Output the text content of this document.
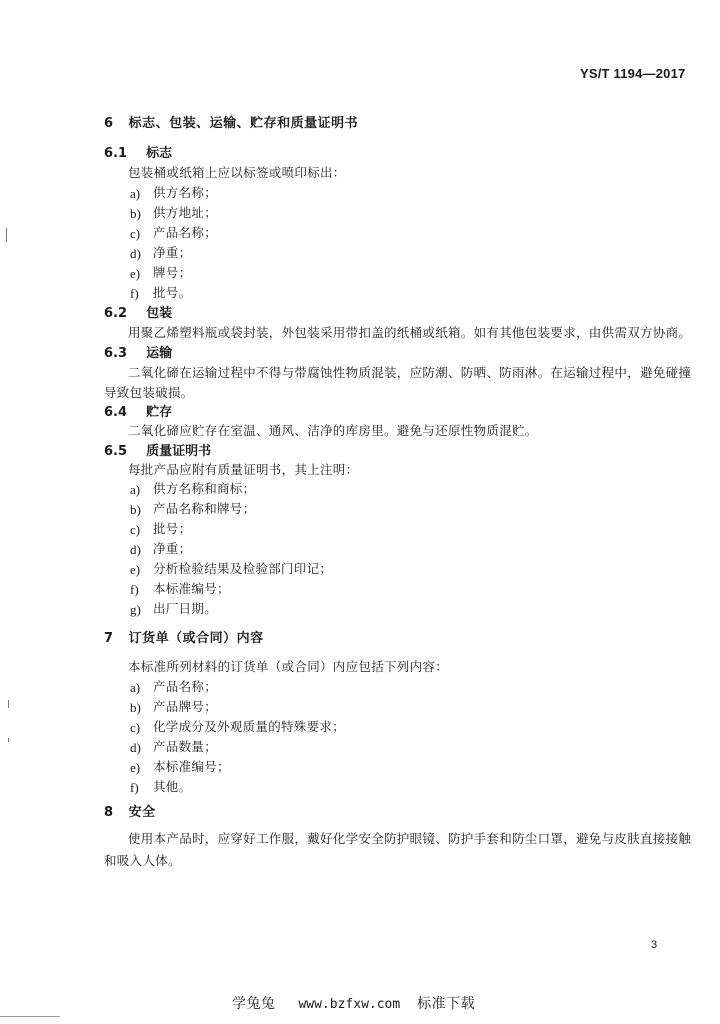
YS/T 1194—2017
6 标志、包装、运输、贮存和质量证明书
6.1 标志
包装桶或纸箱上应以标签或喷印标出：
a) 供方名称；
b) 供方地址；
c) 产品名称；
d) 净重；
e) 牌号；
f) 批号。
6.2 包装
用聚乙烯塑料瓶或袋封装，外包装采用带扣盖的纸桶或纸箱。如有其他包装要求，由供需双方协商。
6.3 运输
二氧化碲在运输过程中不得与带腐蚀性物质混装，应防潮、防晒、防雨淋。在运输过程中，避免碰撞
导致包装破损。
6.4 贮存
二氧化碲应贮存在室温、通风、洁净的库房里。避免与还原性物质混贮。
6.5 质量证明书
每批产品应附有质量证明书，其上注明：
a) 供方名称和商标；
b) 产品名称和牌号；
c) 批号；
d) 净重；
e) 分析检验结果及检验部门印记；
f) 本标准编号；
g) 出厂日期。
7 订货单（或合同）内容
本标准所列材料的订货单（或合同）内应包括下列内容：
a) 产品名称；
b) 产品牌号；
c) 化学成分及外观质量的特殊要求；
d) 产品数量；
e) 本标准编号；
f) 其他。
8 安全
使用本产品时，应穿好工作服，戴好化学安全防护眼镜、防护手套和防尘口罩，避免与皮肤直接接触
和吸入人体。
3
学兔兔 www.bzfxw.com 标准下载
